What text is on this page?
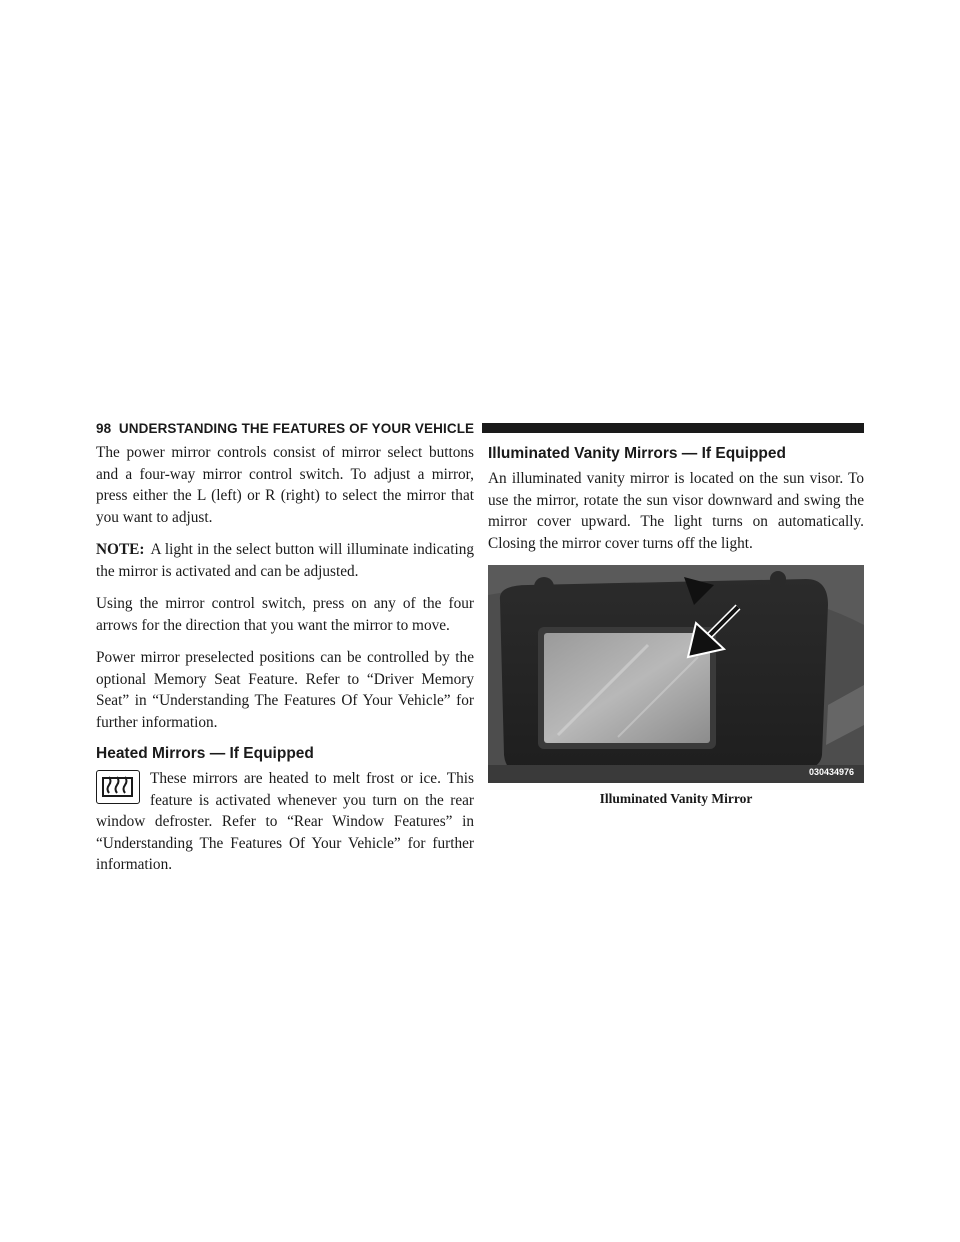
98 UNDERSTANDING THE FEATURES OF YOUR VEHICLE

The power mirror controls consist of mirror select buttons and a four-way mirror control switch. To adjust a mirror, press either the L (left) or R (right) to select the mirror that you want to adjust.

NOTE: A light in the select button will illuminate indicating the mirror is activated and can be adjusted.

Using the mirror control switch, press on any of the four arrows for the direction that you want the mirror to move.

Power mirror preselected positions can be controlled by the optional Memory Seat Feature. Refer to “Driver Memory Seat” in “Understanding The Features Of Your Vehicle” for further information.

Heated Mirrors — If Equipped

These mirrors are heated to melt frost or ice. This feature is activated whenever you turn on the rear window defroster. Refer to “Rear Window Features” in “Understanding The Features Of Your Vehicle” for further information.

Illuminated Vanity Mirrors — If Equipped

An illuminated vanity mirror is located on the sun visor. To use the mirror, rotate the sun visor downward and swing the mirror cover upward. The light turns on automatically. Closing the mirror cover turns off the light.

030434976
Illuminated Vanity Mirror
